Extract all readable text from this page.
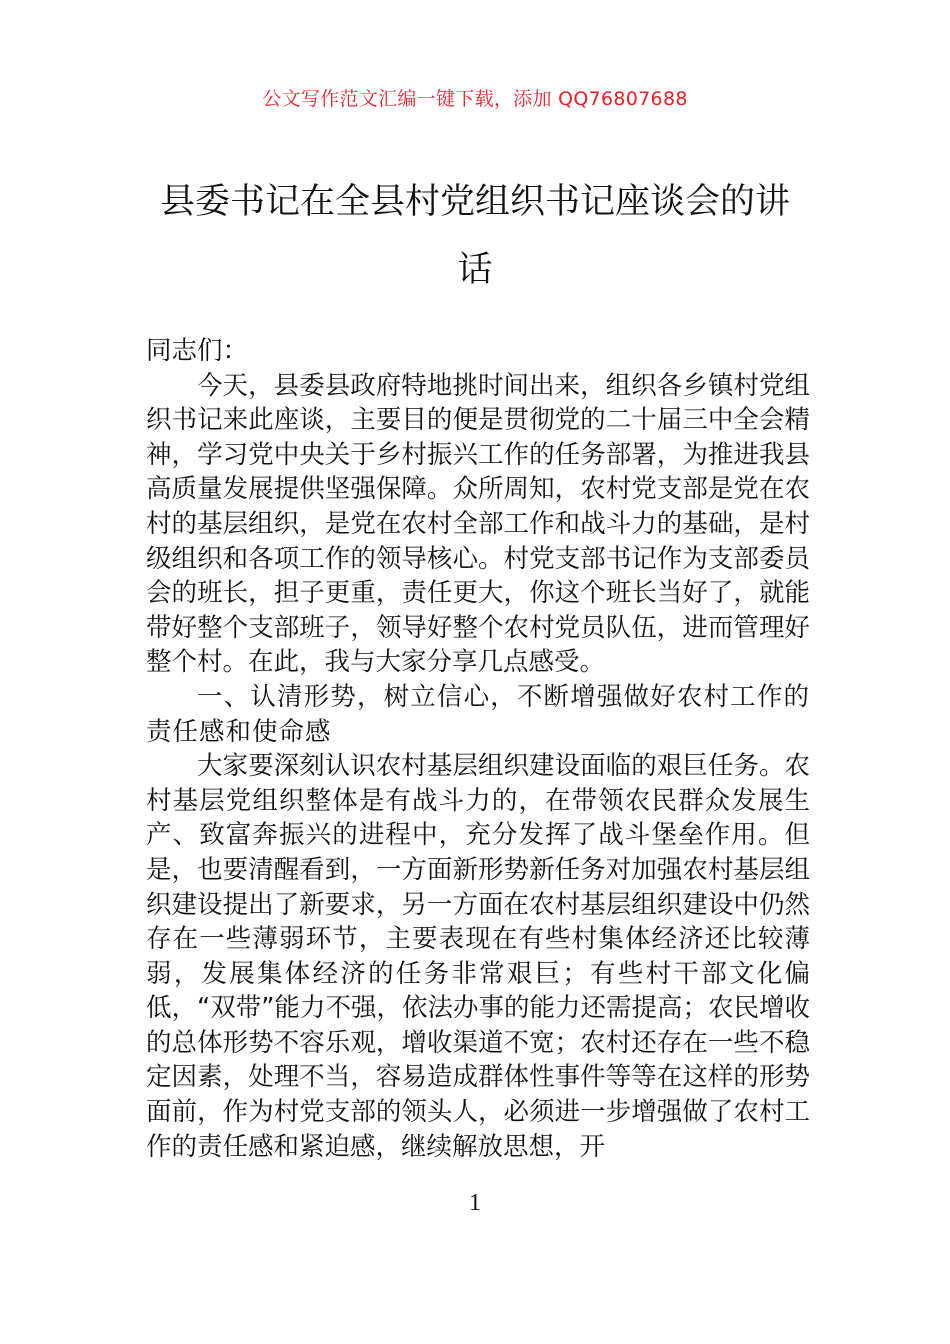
公文写作范文汇编一键下载，添加 QQ76807688
县委书记在全县村党组织书记座谈会的讲话

同志们：

今天，县委县政府特地挑时间出来，组织各乡镇村党组织书记来此座谈，主要目的便是贯彻党的二十届三中全会精神，学习党中央关于乡村振兴工作的任务部署，为推进我县高质量发展提供坚强保障。众所周知，农村党支部是党在农村的基层组织，是党在农村全部工作和战斗力的基础，是村级组织和各项工作的领导核心。村党支部书记作为支部委员会的班长，担子更重，责任更大，你这个班长当好了，就能带好整个支部班子，领导好整个农村党员队伍，进而管理好整个村。在此，我与大家分享几点感受。

一、认清形势，树立信心，不断增强做好农村工作的责任感和使命感

大家要深刻认识农村基层组织建设面临的艰巨任务。农村基层党组织整体是有战斗力的，在带领农民群众发展生产、致富奔振兴的进程中，充分发挥了战斗堡垒作用。但是，也要清醒看到，一方面新形势新任务对加强农村基层组织建设提出了新要求，另一方面在农村基层组织建设中仍然存在一些薄弱环节，主要表现在有些村集体经济还比较薄弱，发展集体经济的任务非常艰巨；有些村干部文化偏低，“双带”能力不强，依法办事的能力还需提高；农民增收的总体形势不容乐观，增收渠道不宽；农村还存在一些不稳定因素，处理不当，容易造成群体性事件等等在这样的形势面前，作为村党支部的领头人，必须进一步增强做了农村工作的责任感和紧迫感，继续解放思想，开

1
